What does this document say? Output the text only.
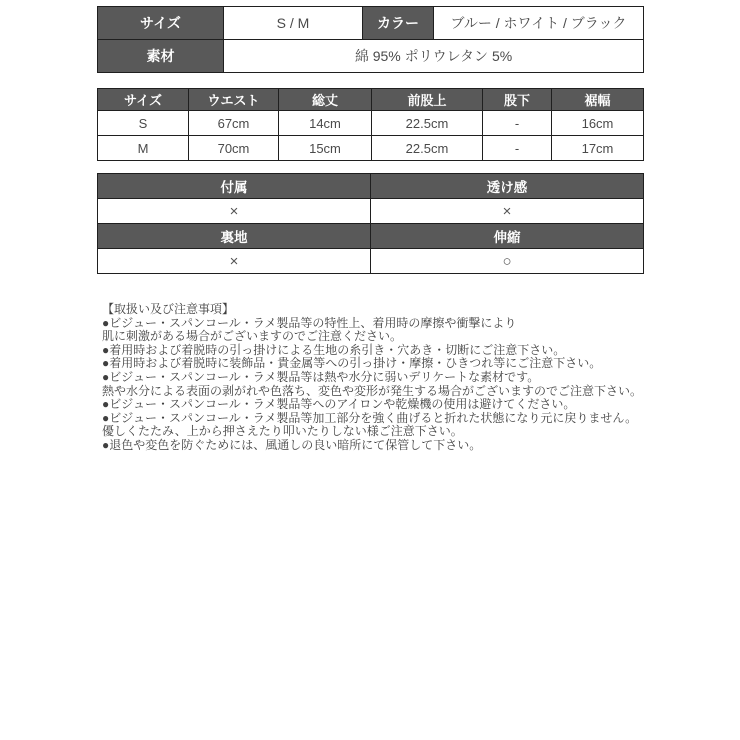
サイズ	S / M	カラー	ブルー / ホワイト / ブラック
素材	綿 95% ポリウレタン 5%		
サイズ	ウエスト	総丈	前股上	股下	裾幅
S	67cm	14cm	22.5cm	-	16cm
M	70cm	15cm	22.5cm	-	17cm
付属	透け感
×	×
裏地	伸縮
×	○
【取扱い及び注意事項】
●ビジュー・スパンコール・ラメ製品等の特性上、着用時の摩擦や衝撃により
肌に刺激がある場合がございますのでご注意ください。
●着用時および着脱時の引っ掛けによる生地の糸引き・穴あき・切断にご注意下さい。
●着用時および着脱時に装飾品・貴金属等への引っ掛け・摩擦・ひきつれ等にご注意下さい。
●ビジュー・スパンコール・ラメ製品等は熱や水分に弱いデリケートな素材です。
熱や水分による表面の剥がれや色落ち、変色や変形が発生する場合がございますのでご注意下さい。
●ビジュー・スパンコール・ラメ製品等へのアイロンや乾燥機の使用は避けてください。
●ビジュー・スパンコール・ラメ製品等加工部分を強く曲げると折れた状態になり元に戻りません。
優しくたたみ、上から押さえたり叩いたりしない様ご注意下さい。
●退色や変色を防ぐためには、風通しの良い暗所にて保管して下さい。
